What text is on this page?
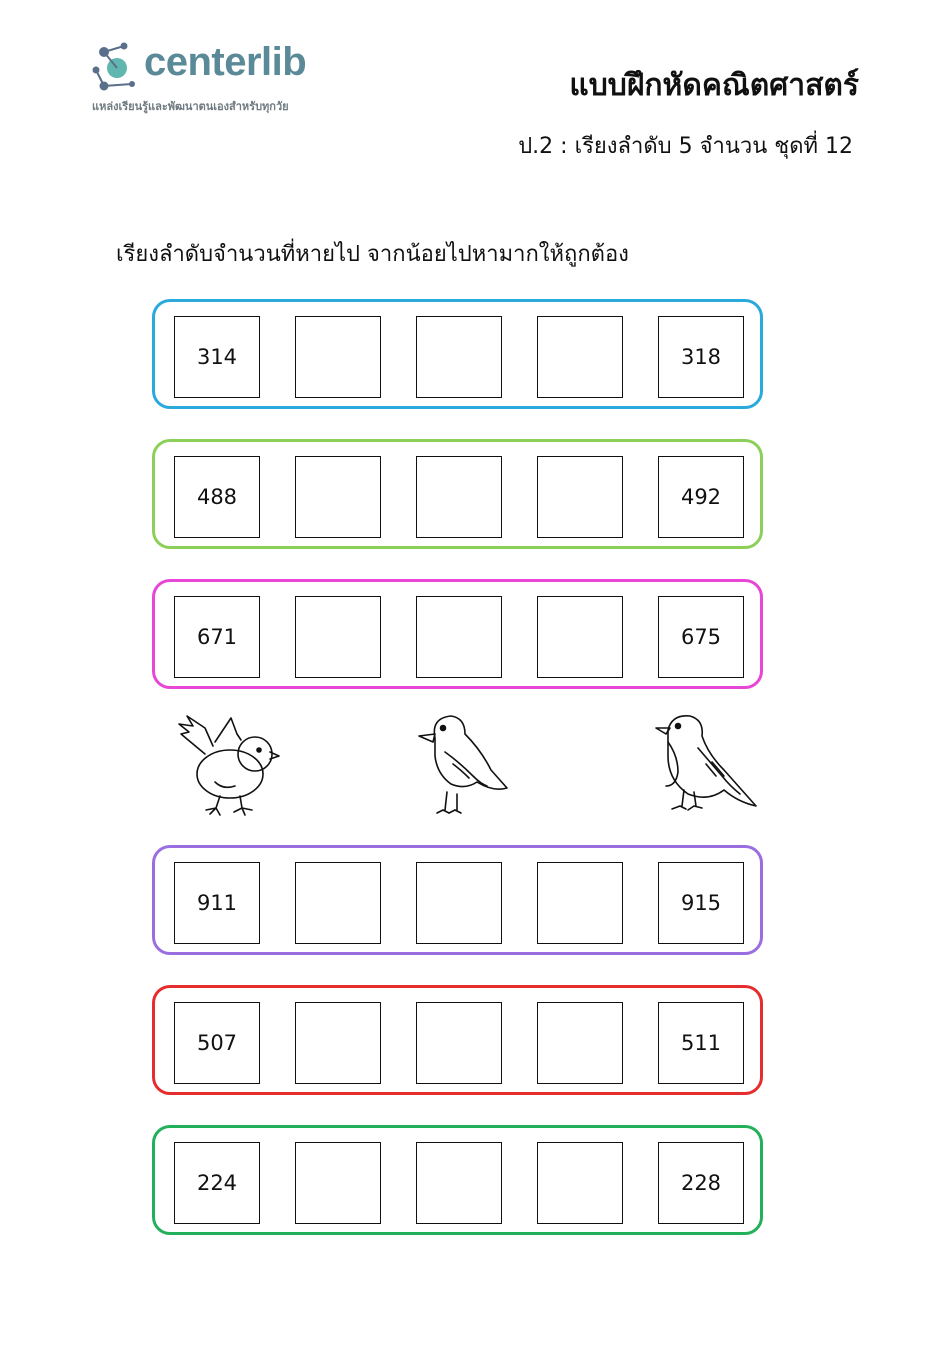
centerlib
แหล่งเรียนรู้และพัฒนาตนเองสำหรับทุกวัย
แบบฝึกหัดคณิตศาสตร์
ป.2 : เรียงลำดับ 5 จำนวน ชุดที่ 12
เรียงลำดับจำนวนที่หายไป จากน้อยไปหามากให้ถูกต้อง
314	318
488	492
671	675
911	915
507	511
224	228
